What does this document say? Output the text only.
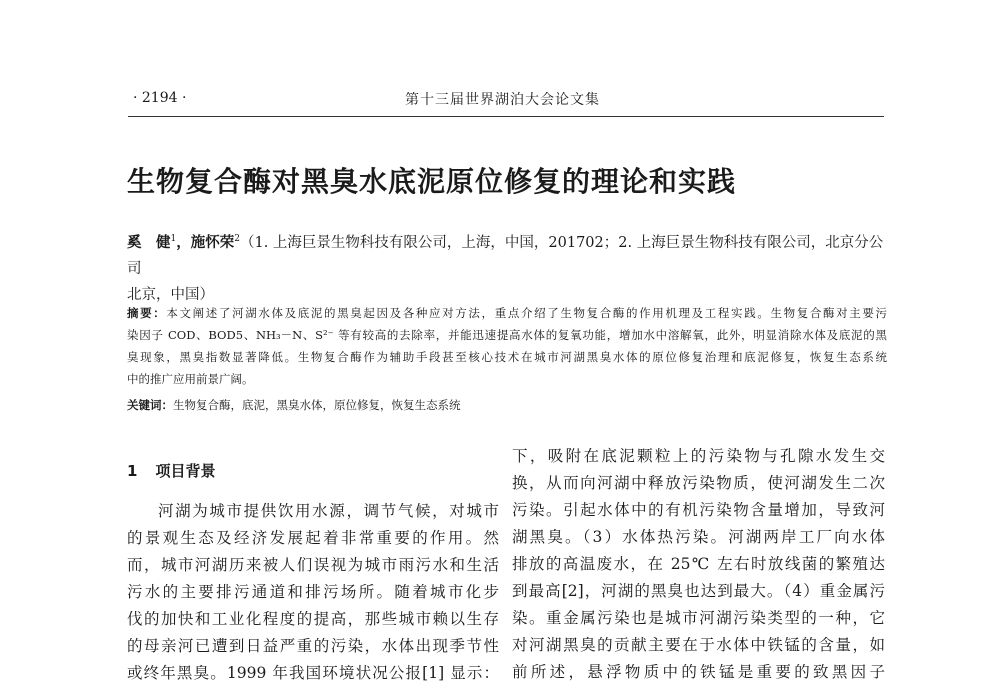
· 2194 ·	第十三届世界湖泊大会论文集
生物复合酶对黑臭水底泥原位修复的理论和实践
奚　健$^1$，施怀荣$^2$（1. 上海巨景生物科技有限公司，上海，中国，201702；2. 上海巨景生物科技有限公司，北京分公司
北京，中国）
摘要：本文阐述了河湖水体及底泥的黑臭起因及各种应对方法，重点介绍了生物复合酶的作用机理及工程实践。生物复合酶对主要污
染因子 COD、BOD5、NH₃－N、S²⁻ 等有较高的去除率，并能迅速提高水体的复氧功能，增加水中溶解氧，此外，明显消除水体及底泥的黑
臭现象，黑臭指数显著降低。生物复合酶作为辅助手段甚至核心技术在城市河湖黑臭水体的原位修复治理和底泥修复，恢复生态系统
中的推广应用前景广阔。
关键词：生物复合酶，底泥，黑臭水体，原位修复，恢复生态系统
1 项目背景
河湖为城市提供饮用水源，调节气候，对城市
的景观生态及经济发展起着非常重要的作用。然
而，城市河湖历来被人们误视为城市雨污水和生活
污水的主要排污通道和排污场所。随着城市化步
伐的加快和工业化程度的提高，那些城市赖以生存
的母亲河已遭到日益严重的污染，水体出现季节性
或终年黑臭。1999 年我国环境状况公报[1] 显示：
下，吸附在底泥颗粒上的污染物与孔隙水发生交
换，从而向河湖中释放污染物质，使河湖发生二次
污染。引起水体中的有机污染物含量增加，导致河
湖黑臭。（3）水体热污染。河湖两岸工厂向水体
排放的高温废水，在 25℃ 左右时放线菌的繁殖达
到最高[2]，河湖的黑臭也达到最大。（4）重金属污
染。重金属污染也是城市河湖污染类型的一种，它
对河湖黑臭的贡献主要在于水体中铁锰的含量，如
前所述，悬浮物质中的铁锰是重要的致黑因子
